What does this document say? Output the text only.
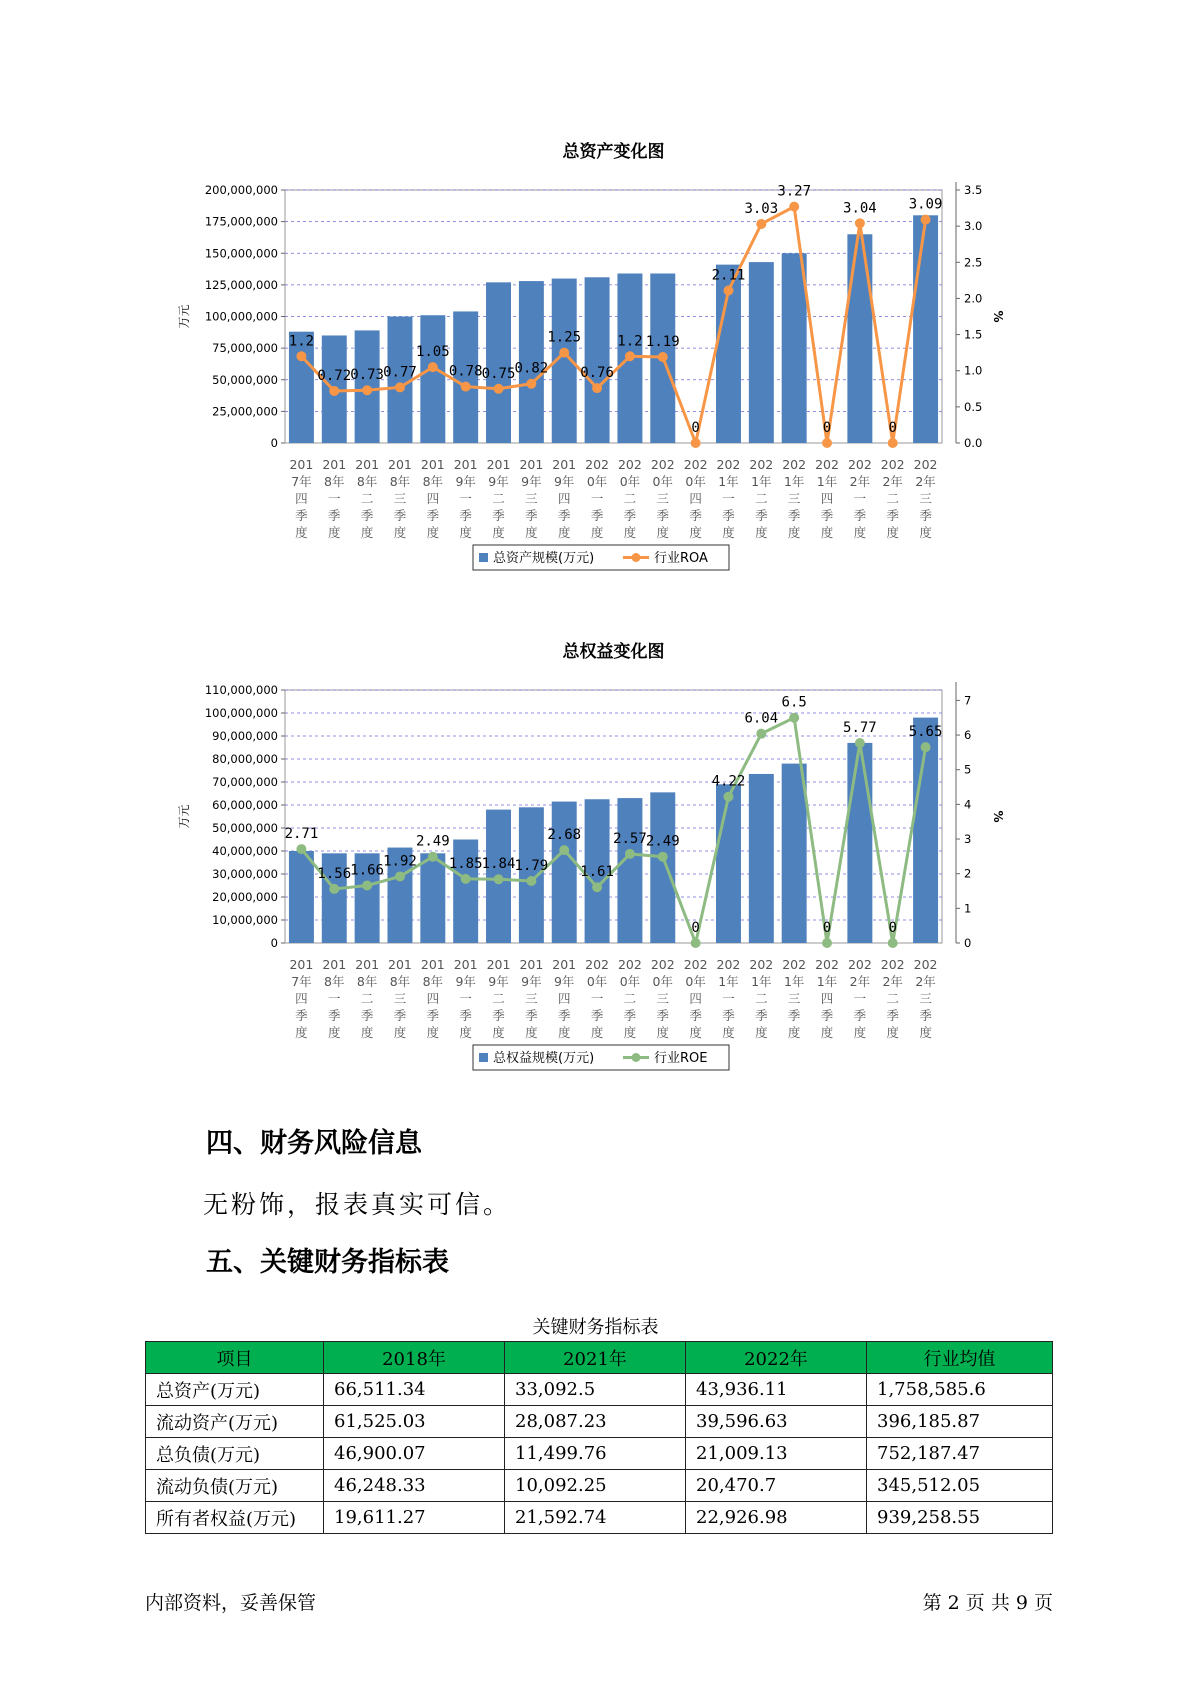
总资产变化图
0
25,000,000
50,000,000
75,000,000
100,000,000
125,000,000
150,000,000
175,000,000
200,000,000
0.0
0.5
1.0
1.5
2.0
2.5
3.0
3.5
万元	%
1.2
0.72 0.73 0.77
1.05
0.78 0.75 0.82
1.25
0.76
1.2 1.19
0
2.11
3.03
3.27
0
3.04
0
3.09
201
7年
四
季
度
201
8年
一
季
度
201
8年
二
季
度
201
8年
三
季
度
201
8年
四
季
度
201
9年
一
季
度
201
9年
二
季
度
201
9年
三
季
度
201
9年
四
季
度
202
0年
一
季
度
202
0年
二
季
度
202
0年
三
季
度
202
0年
四
季
度
202
1年
一
季
度
202
1年
二
季
度
202
1年
三
季
度
202
1年
四
季
度
202
2年
一
季
度
202
2年
二
季
度
202
2年
三
季
度
总资产规模(万元)	行业ROA
总权益变化图
0
10,000,000
20,000,000
30,000,000
40,000,000
50,000,000
60,000,000
70,000,000
80,000,000
90,000,000
100,000,000
110,000,000
0
1
2
3
4
5
6
7
万元	%
2.71
1.56 1.66
1.92
2.49
1.85 1.84 1.79
2.68
1.61
2.57 2.49
0
4.22
6.04
6.5
0
5.77
0
5.65
201
7年
四
季
度
201
8年
一
季
度
201
8年
二
季
度
201
8年
三
季
度
201
8年
四
季
度
201
9年
一
季
度
201
9年
二
季
度
201
9年
三
季
度
201
9年
四
季
度
202
0年
一
季
度
202
0年
二
季
度
202
0年
三
季
度
202
0年
四
季
度
202
1年
一
季
度
202
1年
二
季
度
202
1年
三
季
度
202
1年
四
季
度
202
2年
一
季
度
202
2年
二
季
度
202
2年
三
季
度
总权益规模(万元)	行业ROE
四、财务风险信息
无粉饰，报表真实可信。
五、关键财务指标表
关键财务指标表
项目	2018年	2021年	2022年	行业均值
总资产(万元)	66,511.34	33,092.5	43,936.11	1,758,585.6
流动资产(万元)	61,525.03	28,087.23	39,596.63	396,185.87
总负债(万元)	46,900.07	11,499.76	21,009.13	752,187.47
流动负债(万元)	46,248.33	10,092.25	20,470.7	345,512.05
所有者权益(万元)	19,611.27	21,592.74	22,926.98	939,258.55
内部资料，妥善保管	第 2 页 共 9 页
